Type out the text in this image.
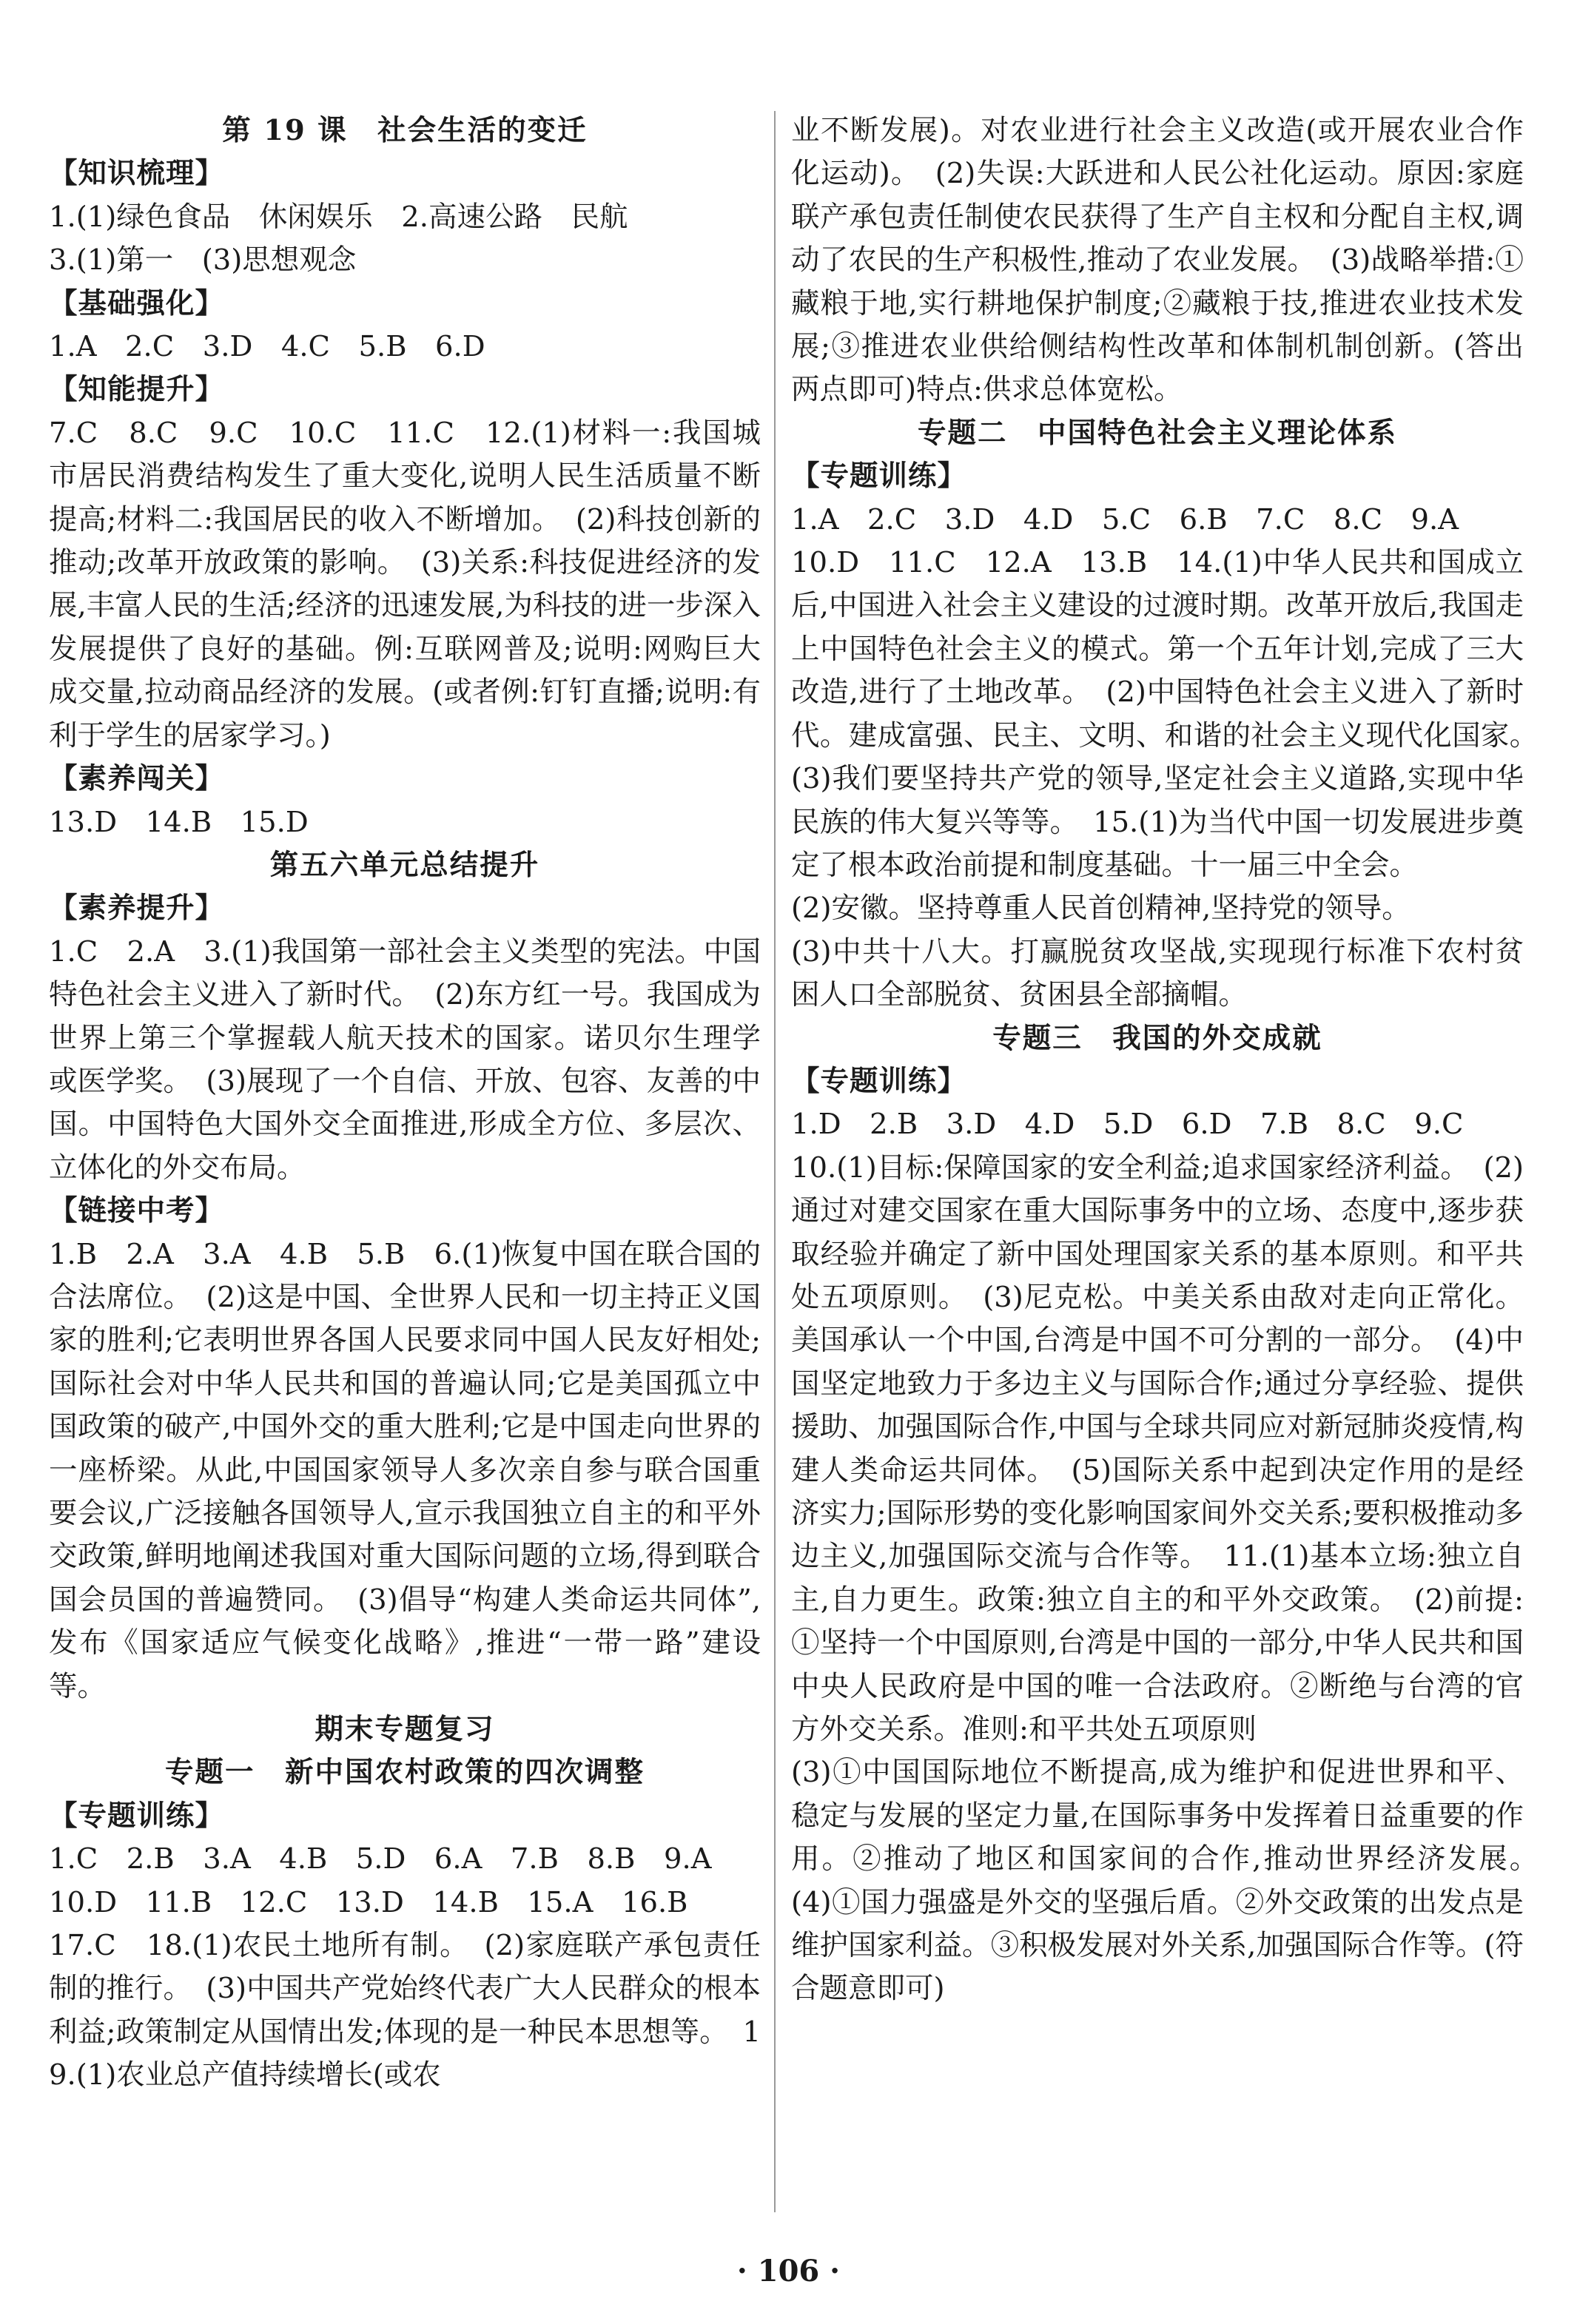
第 19 课　社会生活的变迁

【知识梳理】

1.(1)绿色食品　休闲娱乐　2.高速公路　民航

3.(1)第一　(3)思想观念

【基础强化】

1.A　2.C　3.D　4.C　5.B　6.D

【知能提升】

7.C　8.C　9.C　10.C　11.C　12.(1)材料一:我国城市居民消费结构发生了重大变化,说明人民生活质量不断提高;材料二:我国居民的收入不断增加。　(2)科技创新的推动;改革开放政策的影响。　(3)关系:科技促进经济的发展,丰富人民的生活;经济的迅速发展,为科技的进一步深入发展提供了良好的基础。例:互联网普及;说明:网购巨大成交量,拉动商品经济的发展。(或者例:钉钉直播;说明:有利于学生的居家学习。)

【素养闯关】

13.D　14.B　15.D

第五六单元总结提升

【素养提升】

1.C　2.A　3.(1)我国第一部社会主义类型的宪法。中国特色社会主义进入了新时代。　(2)东方红一号。我国成为世界上第三个掌握载人航天技术的国家。诺贝尔生理学或医学奖。　(3)展现了一个自信、开放、包容、友善的中国。中国特色大国外交全面推进,形成全方位、多层次、立体化的外交布局。

【链接中考】

1.B　2.A　3.A　4.B　5.B　6.(1)恢复中国在联合国的合法席位。　(2)这是中国、全世界人民和一切主持正义国家的胜利;它表明世界各国人民要求同中国人民友好相处;国际社会对中华人民共和国的普遍认同;它是美国孤立中国政策的破产,中国外交的重大胜利;它是中国走向世界的一座桥梁。从此,中国国家领导人多次亲自参与联合国重要会议,广泛接触各国领导人,宣示我国独立自主的和平外交政策,鲜明地阐述我国对重大国际问题的立场,得到联合国会员国的普遍赞同。　(3)倡导“构建人类命运共同体”,发布《国家适应气候变化战略》,推进“一带一路”建设等。

期末专题复习

专题一　新中国农村政策的四次调整

【专题训练】

1.C　2.B　3.A　4.B　5.D　6.A　7.B　8.B　9.A

10.D　11.B　12.C　13.D　14.B　15.A　16.B

17.C　18.(1)农民土地所有制。　(2)家庭联产承包责任制的推行。　(3)中国共产党始终代表广大人民群众的根本利益;政策制定从国情出发;体现的是一种民本思想等。　19.(1)农业总产值持续增长(或农

业不断发展)。对农业进行社会主义改造(或开展农业合作化运动)。　(2)失误:大跃进和人民公社化运动。原因:家庭联产承包责任制使农民获得了生产自主权和分配自主权,调动了农民的生产积极性,推动了农业发展。　(3)战略举措:①藏粮于地,实行耕地保护制度;②藏粮于技,推进农业技术发展;③推进农业供给侧结构性改革和体制机制创新。(答出两点即可)特点:供求总体宽松。

专题二　中国特色社会主义理论体系

【专题训练】

1.A　2.C　3.D　4.D　5.C　6.B　7.C　8.C　9.A

10.D　11.C　12.A　13.B　14.(1)中华人民共和国成立后,中国进入社会主义建设的过渡时期。改革开放后,我国走上中国特色社会主义的模式。第一个五年计划,完成了三大改造,进行了土地改革。　(2)中国特色社会主义进入了新时代。建成富强、民主、文明、和谐的社会主义现代化国家。　(3)我们要坚持共产党的领导,坚定社会主义道路,实现中华民族的伟大复兴等等。　15.(1)为当代中国一切发展进步奠定了根本政治前提和制度基础。十一届三中全会。

(2)安徽。坚持尊重人民首创精神,坚持党的领导。

(3)中共十八大。打赢脱贫攻坚战,实现现行标准下农村贫困人口全部脱贫、贫困县全部摘帽。

专题三　我国的外交成就

【专题训练】

1.D　2.B　3.D　4.D　5.D　6.D　7.B　8.C　9.C

10.(1)目标:保障国家的安全利益;追求国家经济利益。　(2)通过对建交国家在重大国际事务中的立场、态度中,逐步获取经验并确定了新中国处理国家关系的基本原则。和平共处五项原则。　(3)尼克松。中美关系由敌对走向正常化。美国承认一个中国,台湾是中国不可分割的一部分。　(4)中国坚定地致力于多边主义与国际合作;通过分享经验、提供援助、加强国际合作,中国与全球共同应对新冠肺炎疫情,构建人类命运共同体。　(5)国际关系中起到决定作用的是经济实力;国际形势的变化影响国家间外交关系;要积极推动多边主义,加强国际交流与合作等。　11.(1)基本立场:独立自主,自力更生。政策:独立自主的和平外交政策。　(2)前提:①坚持一个中国原则,台湾是中国的一部分,中华人民共和国中央人民政府是中国的唯一合法政府。②断绝与台湾的官方外交关系。准则:和平共处五项原则

(3)①中国国际地位不断提高,成为维护和促进世界和平、稳定与发展的坚定力量,在国际事务中发挥着日益重要的作用。②推动了地区和国家间的合作,推动世界经济发展。　(4)①国力强盛是外交的坚强后盾。②外交政策的出发点是维护国家利益。③积极发展对外关系,加强国际合作等。(符合题意即可)

· 106 ·
